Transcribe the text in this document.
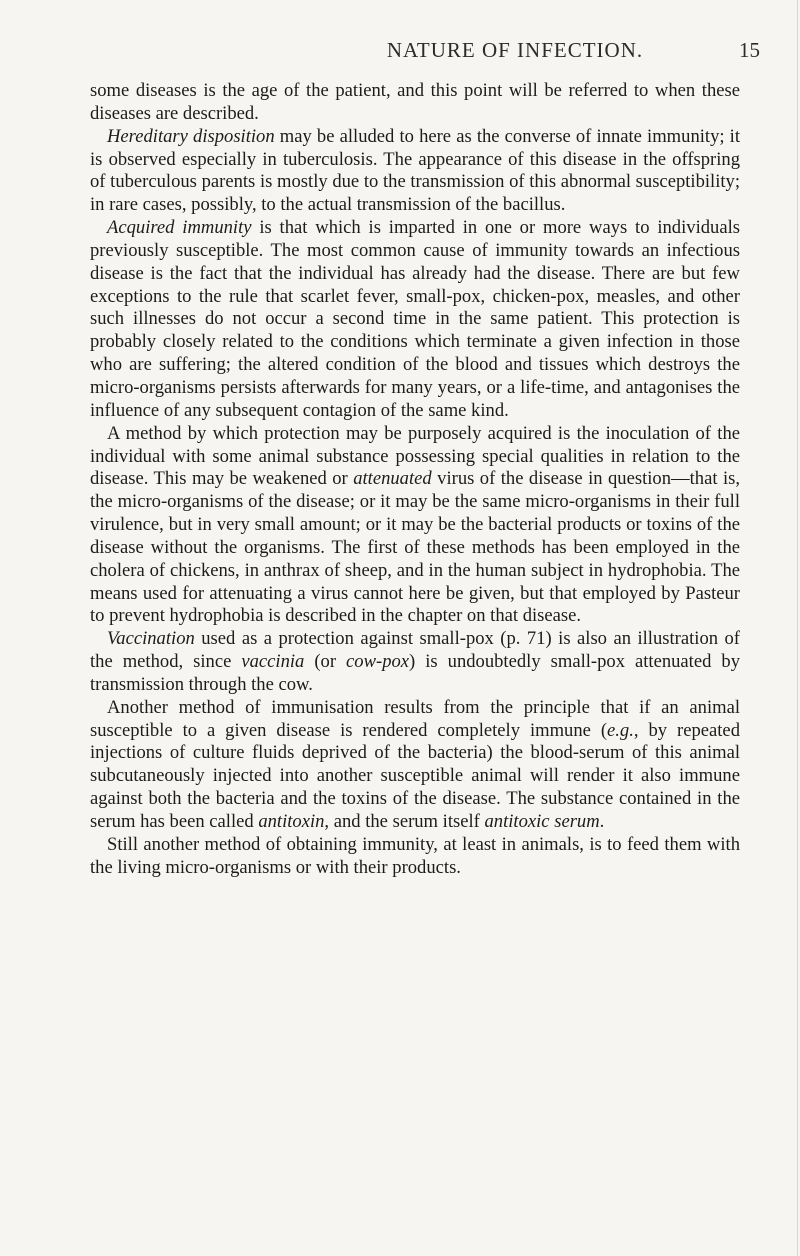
NATURE OF INFECTION.	15

some diseases is the age of the patient, and this point will be referred to when these diseases are described.

Hereditary disposition may be alluded to here as the converse of innate immunity; it is observed especially in tuberculosis. The appearance of this disease in the offspring of tuberculous parents is mostly due to the transmission of this abnormal susceptibility; in rare cases, possibly, to the actual transmission of the bacillus.

Acquired immunity is that which is imparted in one or more ways to individuals previously susceptible. The most common cause of immunity towards an infectious disease is the fact that the individual has already had the disease. There are but few exceptions to the rule that scarlet fever, small-pox, chicken-pox, measles, and other such illnesses do not occur a second time in the same patient. This protection is probably closely related to the conditions which terminate a given infection in those who are suffering; the altered condition of the blood and tissues which destroys the micro-organisms persists afterwards for many years, or a life-time, and antagonises the influence of any subsequent contagion of the same kind.

A method by which protection may be purposely acquired is the inoculation of the individual with some animal substance possessing special qualities in relation to the disease. This may be weakened or attenuated virus of the disease in question—that is, the micro-organisms of the disease; or it may be the same micro-organisms in their full virulence, but in very small amount; or it may be the bacterial products or toxins of the disease without the organisms. The first of these methods has been employed in the cholera of chickens, in anthrax of sheep, and in the human subject in hydrophobia. The means used for attenuating a virus cannot here be given, but that employed by Pasteur to prevent hydrophobia is described in the chapter on that disease.

Vaccination used as a protection against small-pox (p. 71) is also an illustration of the method, since vaccinia (or cow-pox) is undoubtedly small-pox attenuated by transmission through the cow.

Another method of immunisation results from the principle that if an animal susceptible to a given disease is rendered completely immune (e.g., by repeated injections of culture fluids deprived of the bacteria) the blood-serum of this animal subcutaneously injected into another susceptible animal will render it also immune against both the bacteria and the toxins of the disease. The substance contained in the serum has been called antitoxin, and the serum itself antitoxic serum.

Still another method of obtaining immunity, at least in animals, is to feed them with the living micro-organisms or with their products.
